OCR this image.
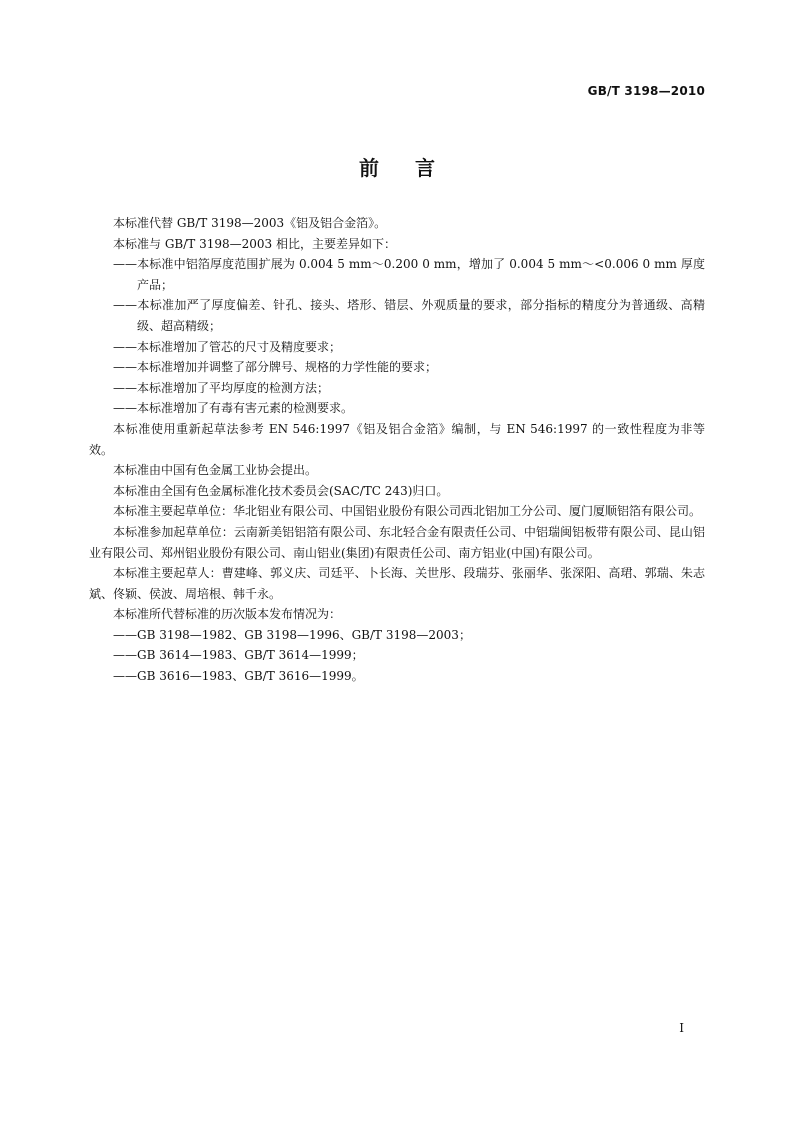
GB/T 3198—2010
前言

本标准代替 GB/T 3198—2003《铝及铝合金箔》。

本标准与 GB/T 3198—2003 相比，主要差异如下：

——本标准中铝箔厚度范围扩展为 0.004 5 mm～0.200 0 mm，增加了 0.004 5 mm～<0.006 0 mm 厚度产品；

——本标准加严了厚度偏差、针孔、接头、塔形、错层、外观质量的要求，部分指标的精度分为普通级、高精级、超高精级；

——本标准增加了管芯的尺寸及精度要求；

——本标准增加并调整了部分牌号、规格的力学性能的要求；

——本标准增加了平均厚度的检测方法；

——本标准增加了有毒有害元素的检测要求。

本标准使用重新起草法参考 EN 546:1997《铝及铝合金箔》编制，与 EN 546:1997 的一致性程度为非等效。

本标准由中国有色金属工业协会提出。

本标准由全国有色金属标准化技术委员会(SAC/TC 243)归口。

本标准主要起草单位：华北铝业有限公司、中国铝业股份有限公司西北铝加工分公司、厦门厦顺铝箔有限公司。

本标准参加起草单位：云南新美铝铝箔有限公司、东北轻合金有限责任公司、中铝瑞闽铝板带有限公司、昆山铝业有限公司、郑州铝业股份有限公司、南山铝业(集团)有限责任公司、南方铝业(中国)有限公司。

本标准主要起草人：曹建峰、郭义庆、司廷平、卜长海、关世彤、段瑞芬、张丽华、张深阳、高珺、郭瑞、朱志斌、佟颖、侯波、周培根、韩千永。

本标准所代替标准的历次版本发布情况为：

——GB 3198—1982、GB 3198—1996、GB/T 3198—2003；

——GB 3614—1983、GB/T 3614—1999；

——GB 3616—1983、GB/T 3616—1999。

I
